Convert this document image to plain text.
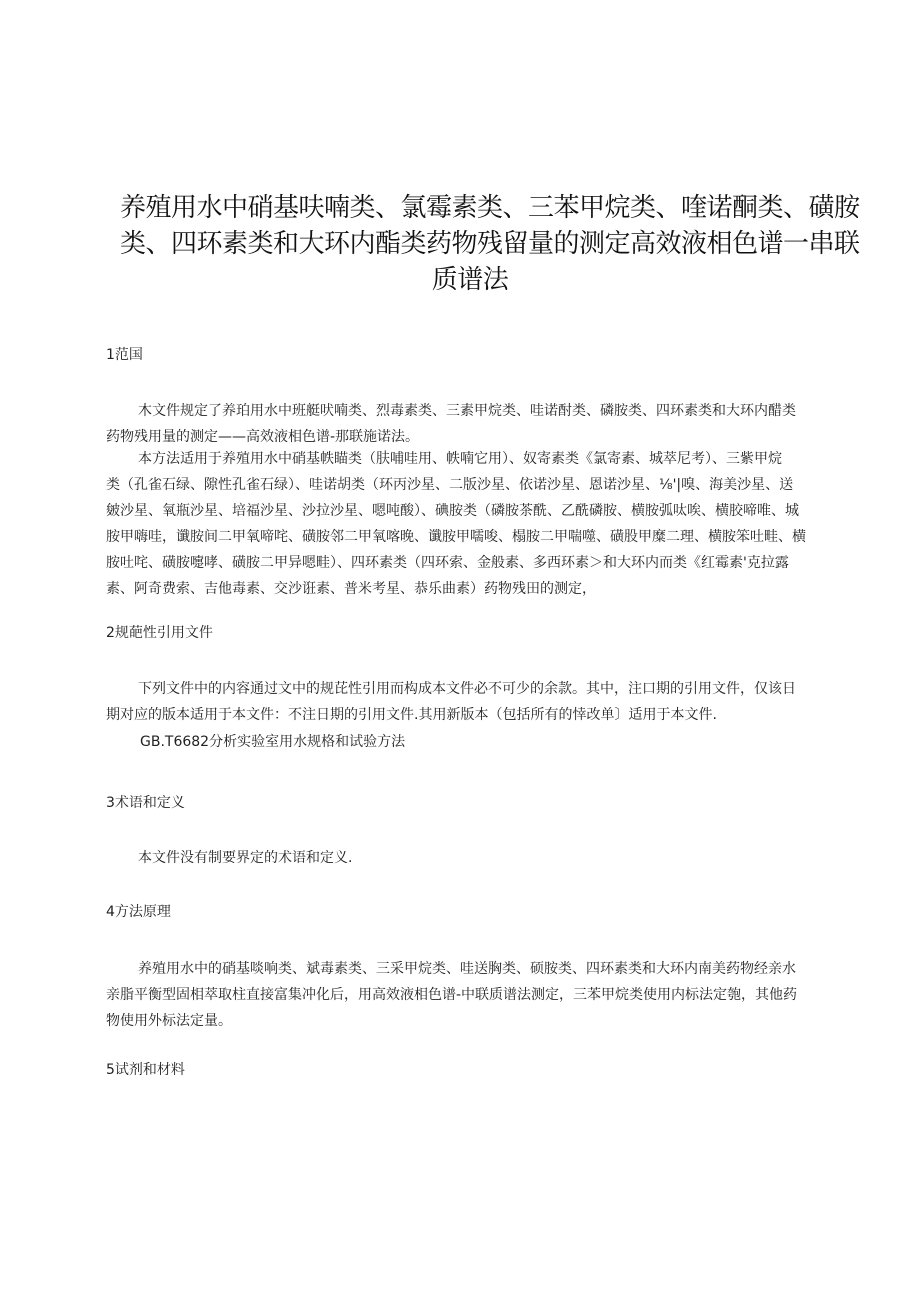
养殖用水中硝基呋喃类、氯霉素类、三苯甲烷类、喹诺酮类、磺胺
类、四环素类和大环内酯类药物残留量的测定高效液相色谱一串联
质谱法
1范国
木文件规定了养珀用水中班艇吠喃类、烈毒素类、三素甲烷类、哇诺酎类、磷胺类、四环素类和大环内醋类
药物残用量的测定——高效液相色谱-那联施诺法。
本方法适用于养殖用水中硝基帙瞄类（肤哺哇用、帙喃它用）、奴寄素类《氯寄素、城萃尼考）、三紫甲烷
类（孔雀石绿、隙性孔雀石绿）、哇诺胡类（环丙沙星、二版沙星、依诺沙星、恩诺沙星、⅛'|嗅、海美沙星、送
皴沙星、氧瓶沙星、培福沙星、沙拉沙星、嗯吨酸）、碘胺类（磷胺茶酰、乙酰磷胺、横胺弧呔唉、横胶啼唯、城
胺甲嗨哇，谶胺间二甲氧啼咤、磺胺邻二甲氧喀晚、谶胺甲嚅唆、榻胺二甲喘噬、磺股甲糜二理、横胺笨吐畦、横
胺吐咤、磺胺嚏哮、磺胺二甲异嗯畦）、四环素类（四环索、金般素、多西环素＞和大环内而类《红霉素'克拉露
素、阿奇费索、吉他毒素、交沙诳素、普米考星、恭乐曲素）药物残田的测定，
2规葩性引用文件
下列文件中的内容通过文中的规芘性引用而构成本文件必不可少的余款。其中，注口期的引用文件，仅该日
期对应的版本适用于本文件：不注日期的引用文件.其用新版本（包括所有的悻改单〕适用于本文件.
GB.T6682分析实验室用水规格和试验方法
3术语和定义
本文件没有制要界定的术语和定义.
4方法原理
养殖用水中的硝基啖响类、斌毒素类、三采甲烷类、哇送胸类、硕胺类、四环素类和大环内南美药物经亲水
亲脂平衡型固相萃取柱直接富集冲化后，用高效液相色谱-中联质谱法测定，三苯甲烷类使用内标法定匏，其他药
物使用外标法定量。
5试剂和材料
